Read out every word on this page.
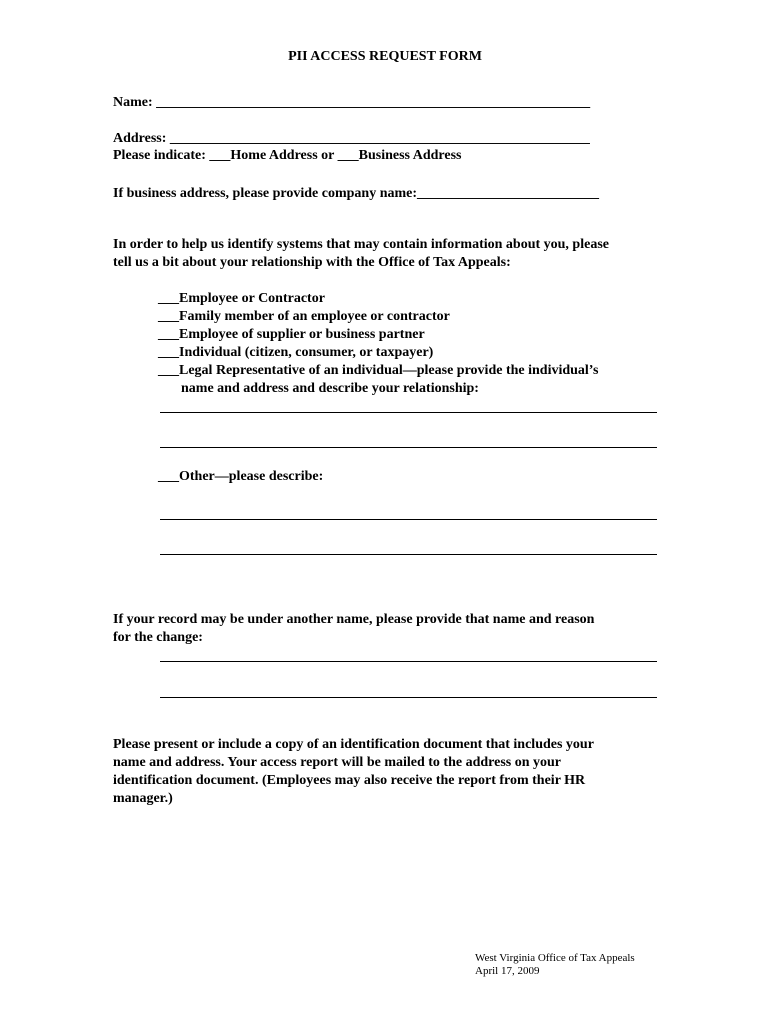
PII ACCESS REQUEST FORM
Name: ______________________________________________________________
Address: ____________________________________________________________
Please indicate: ___Home Address or ___Business Address
If business address, please provide company name:__________________________
In order to help us identify systems that may contain information about you, please
tell us a bit about your relationship with the Office of Tax Appeals:
___Employee or Contractor
___Family member of an employee or contractor
___Employee of supplier or business partner
___Individual (citizen, consumer, or taxpayer)
___Legal Representative of an individual—please provide the individual’s
name and address and describe your relationship:
___Other—please describe:
If your record may be under another name, please provide that name and reason
for the change:
Please present or include a copy of an identification document that includes your
name and address. Your access report will be mailed to the address on your
identification document. (Employees may also receive the report from their HR
manager.)
West Virginia Office of Tax Appeals
April 17, 2009
